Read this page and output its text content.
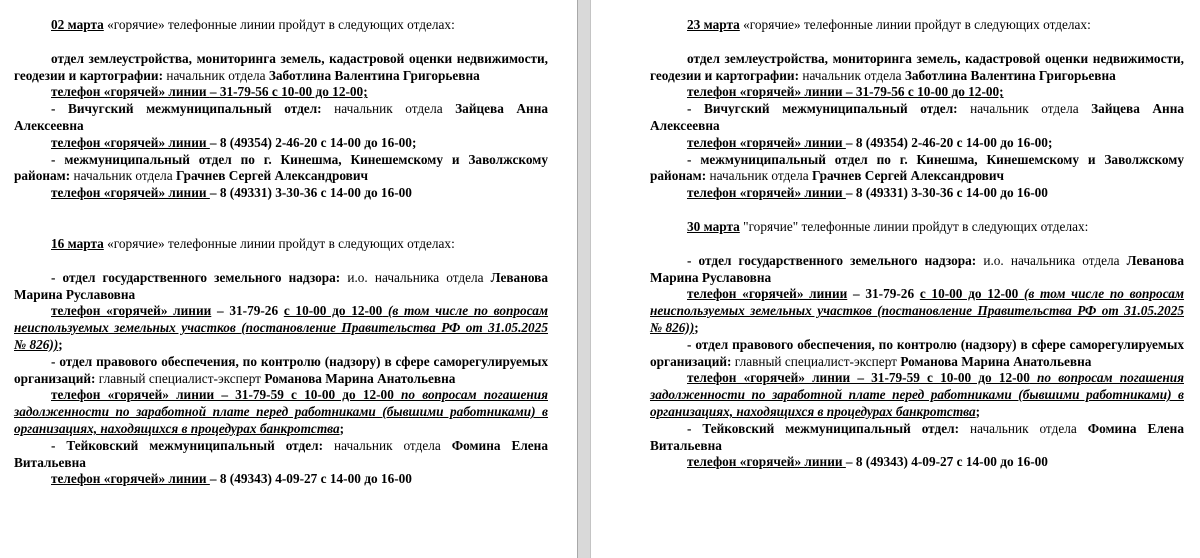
02 марта «горячие» телефонные линии пройдут в следующих отделах:

отдел землеустройства, мониторинга земель, кадастровой оценки недвижимости, геодезии и картографии: начальник отдела Заботлина Валентина Григорьевна

телефон «горячей» линии – 31-79-56 с 10-00 до 12-00;

- Вичугский межмуниципальный отдел: начальник отдела Зайцева Анна Алексеевна

телефон «горячей» линии – 8 (49354) 2-46-20 с 14-00 до 16-00;

- межмуниципальный отдел по г. Кинешма, Кинешемскому и Заволжскому районам: начальник отдела Грачнев Сергей Александрович

телефон «горячей» линии – 8 (49331) 3-30-36 с 14-00 до 16-00

16 марта «горячие» телефонные линии пройдут в следующих отделах:

- отдел государственного земельного надзора: и.о. начальника отдела Леванова Марина Руславовна

телефон «горячей» линии – 31-79-26 с 10-00 до 12-00 (в том числе по вопросам неиспользуемых земельных участков (постановление Правительства РФ от 31.05.2025 № 826));

- отдел правового обеспечения, по контролю (надзору) в сфере саморегулируемых организаций: главный специалист-эксперт Романова Марина Анатольевна

телефон «горячей» линии – 31-79-59 с 10-00 до 12-00 по вопросам погашения задолженности по заработной плате перед работниками (бывшими работниками) в организациях, находящихся в процедурах банкротства;

- Тейковский межмуниципальный отдел: начальник отдела Фомина Елена Витальевна

телефон «горячей» линии – 8 (49343) 4-09-27 с 14-00 до 16-00

23 марта «горячие» телефонные линии пройдут в следующих отделах:

отдел землеустройства, мониторинга земель, кадастровой оценки недвижимости, геодезии и картографии: начальник отдела Заботлина Валентина Григорьевна

телефон «горячей» линии – 31-79-56 с 10-00 до 12-00;

- Вичугский межмуниципальный отдел: начальник отдела Зайцева Анна Алексеевна

телефон «горячей» линии – 8 (49354) 2-46-20 с 14-00 до 16-00;

- межмуниципальный отдел по г. Кинешма, Кинешемскому и Заволжскому районам: начальник отдела Грачнев Сергей Александрович

телефон «горячей» линии – 8 (49331) 3-30-36 с 14-00 до 16-00

30 марта "горячие" телефонные линии пройдут в следующих отделах:

- отдел государственного земельного надзора: и.о. начальника отдела Леванова Марина Руславовна

телефон «горячей» линии – 31-79-26 с 10-00 до 12-00 (в том числе по вопросам неиспользуемых земельных участков (постановление Правительства РФ от 31.05.2025 № 826));

- отдел правового обеспечения, по контролю (надзору) в сфере саморегулируемых организаций: главный специалист-эксперт Романова Марина Анатольевна

телефон «горячей» линии – 31-79-59 с 10-00 до 12-00 по вопросам погашения задолженности по заработной плате перед работниками (бывшими работниками) в организациях, находящихся в процедурах банкротства;

- Тейковский межмуниципальный отдел: начальник отдела Фомина Елена Витальевна

телефон «горячей» линии – 8 (49343) 4-09-27 с 14-00 до 16-00
